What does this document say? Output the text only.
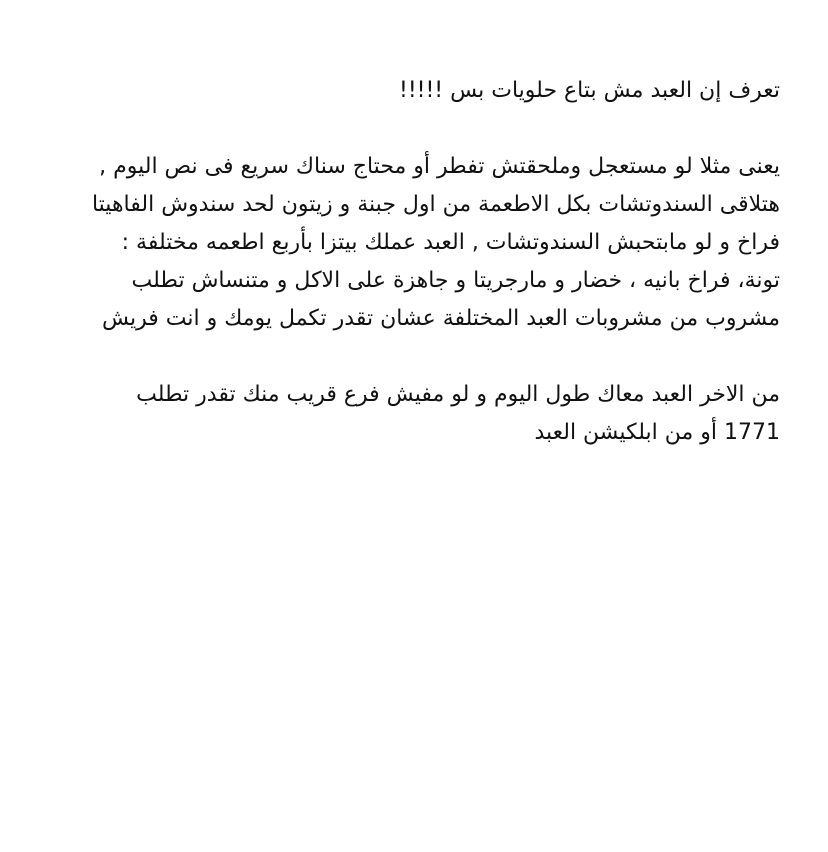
تعرف إن العبد مش بتاع حلويات بس !!!!!

يعنى مثلا لو مستعجل وملحقتش تفطر أو محتاج سناك سريع فى نص اليوم ,
هتلاقى السندوتشات بكل الاطعمة من اول جبنة و زيتون لحد سندوش الفاهيتا
فراخ و لو مابتحبش السندوتشات , العبد عملك بيتزا بأربع اطعمه مختلفة :
تونة، فراخ بانيه ، خضار و مارجريتا و جاهزة على الاكل و متنساش تطلب
مشروب من مشروبات العبد المختلفة عشان تقدر تكمل يومك و انت فريش

من الاخر العبد معاك طول اليوم و لو مفيش فرع قريب منك تقدر تطلب
1771 أو من ابلكيشن العبد
